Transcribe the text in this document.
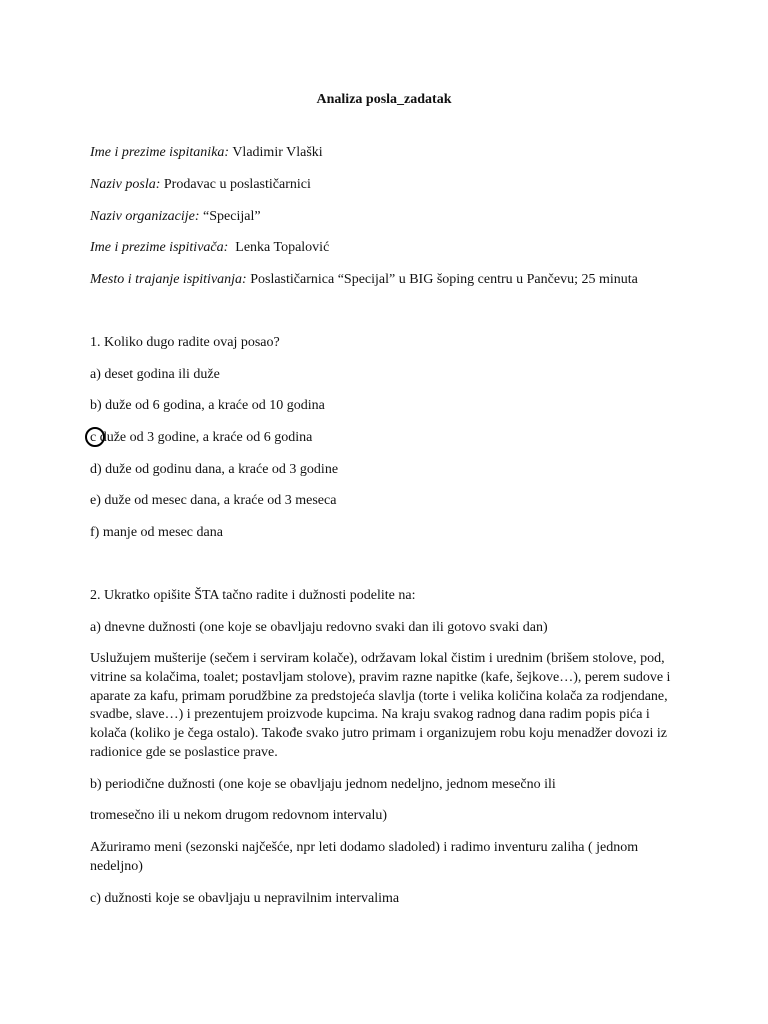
Analiza posla_zadatak
Ime i prezime ispitanika: Vladimir Vlaški
Naziv posla: Prodavac u poslastičarnici
Naziv organizacije: “Specijal”
Ime i prezime ispitivača:  Lenka Topalović
Mesto i trajanje ispitivanja: Poslastičarnica “Specijal” u BIG šoping centru u Pančevu; 25 minuta
1. Koliko dugo radite ovaj posao?
a) deset godina ili duže
b) duže od 6 godina, a kraće od 10 godina
c duže od 3 godine, a kraće od 6 godina
d) duže od godinu dana, a kraće od 3 godine
e) duže od mesec dana, a kraće od 3 meseca
f) manje od mesec dana
2. Ukratko opišite ŠTA tačno radite i dužnosti podelite na:
a) dnevne dužnosti (one koje se obavljaju redovno svaki dan ili gotovo svaki dan)
Uslužujem mušterije (sečem i serviram kolače), održavam lokal čistim i urednim (brišem stolove, pod, vitrine sa kolačima, toalet; postavljam stolove), pravim razne napitke (kafe, šejkove…), perem sudove i aparate za kafu, primam porudžbine za predstojeća slavlja (torte i velika količina kolača za rodjendane, svadbe, slave…) i prezentujem proizvode kupcima. Na kraju svakog radnog dana radim popis pića i kolača (koliko je čega ostalo). Takođe svako jutro primam i organizujem robu koju menadžer dovozi iz radionice gde se poslastice prave.
b) periodične dužnosti (one koje se obavljaju jednom nedeljno, jednom mesečno ili
tromesečno ili u nekom drugom redovnom intervalu)
Ažuriramo meni (sezonski najčešće, npr leti dodamo sladoled) i radimo inventuru zaliha ( jednom nedeljno)
c) dužnosti koje se obavljaju u nepravilnim intervalima
